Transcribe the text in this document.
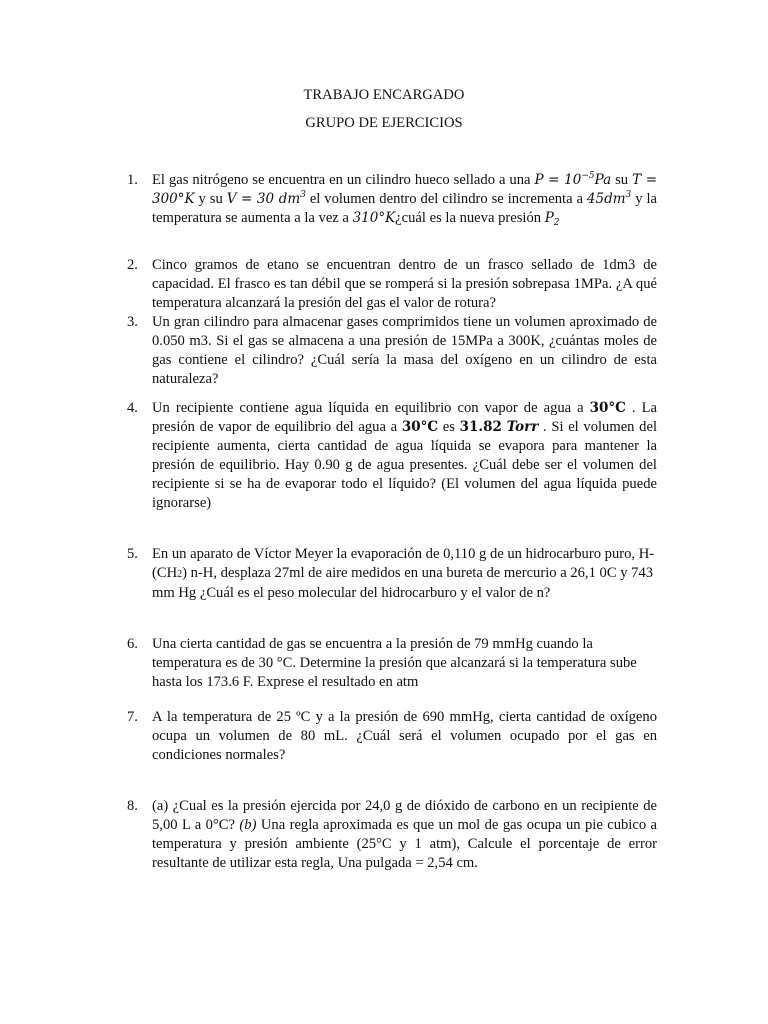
TRABAJO ENCARGADO
GRUPO DE EJERCICIOS
1. El gas nitrógeno se encuentra en un cilindro hueco sellado a una $P = 10^{-5}Pa$ su T = 300°K y su V = 30 $dm^3$ el volumen dentro del cilindro se incrementa a $45dm^3$ y la temperatura se aumenta a la vez a 310°K¿cuál es la nueva presión $P_2$
2. Cinco gramos de etano se encuentran dentro de un frasco sellado de 1dm3 de capacidad. El frasco es tan débil que se romperá si la presión sobrepasa 1MPa. ¿A qué temperatura alcanzará la presión del gas el valor de rotura?
3. Un gran cilindro para almacenar gases comprimidos tiene un volumen aproximado de 0.050 m3. Si el gas se almacena a una presión de 15MPa a 300K, ¿cuántas moles de gas contiene el cilindro? ¿Cuál sería la masa del oxígeno en un cilindro de esta naturaleza?
4. Un recipiente contiene agua líquida en equilibrio con vapor de agua a 30°C . La presión de vapor de equilibrio del agua a 30°C es 31.82 Torr . Si el volumen del recipiente aumenta, cierta cantidad de agua líquida se evapora para mantener la presión de equilibrio. Hay 0.90 g de agua presentes. ¿Cuál debe ser el volumen del recipiente si se ha de evaporar todo el líquido? (El volumen del agua líquida puede ignorarse)
5. En un aparato de Víctor Meyer la evaporación de 0,110 g de un hidrocarburo puro, H-(CH2) n-H, desplaza 27ml de aire medidos en una bureta de mercurio a 26,1 0C y 743 mm Hg ¿Cuál es el peso molecular del hidrocarburo y el valor de n?
6. Una cierta cantidad de gas se encuentra a la presión de 79 mmHg cuando la temperatura es de 30 °C. Determine la presión que alcanzará si la temperatura sube hasta los 173.6 F. Exprese el resultado en atm
7. A la temperatura de 25 ºC y a la presión de 690 mmHg, cierta cantidad de oxígeno ocupa un volumen de 80 mL. ¿Cuál será el volumen ocupado por el gas en condiciones normales?
8. (a) ¿Cual es la presión ejercida por 24,0 g de dióxido de carbono en un recipiente de 5,00 L a 0°C? (b) Una regla aproximada es que un mol de gas ocupa un pie cubico a temperatura y presión ambiente (25°C y 1 atm), Calcule el porcentaje de error resultante de utilizar esta regla, Una pulgada = 2,54 cm.
